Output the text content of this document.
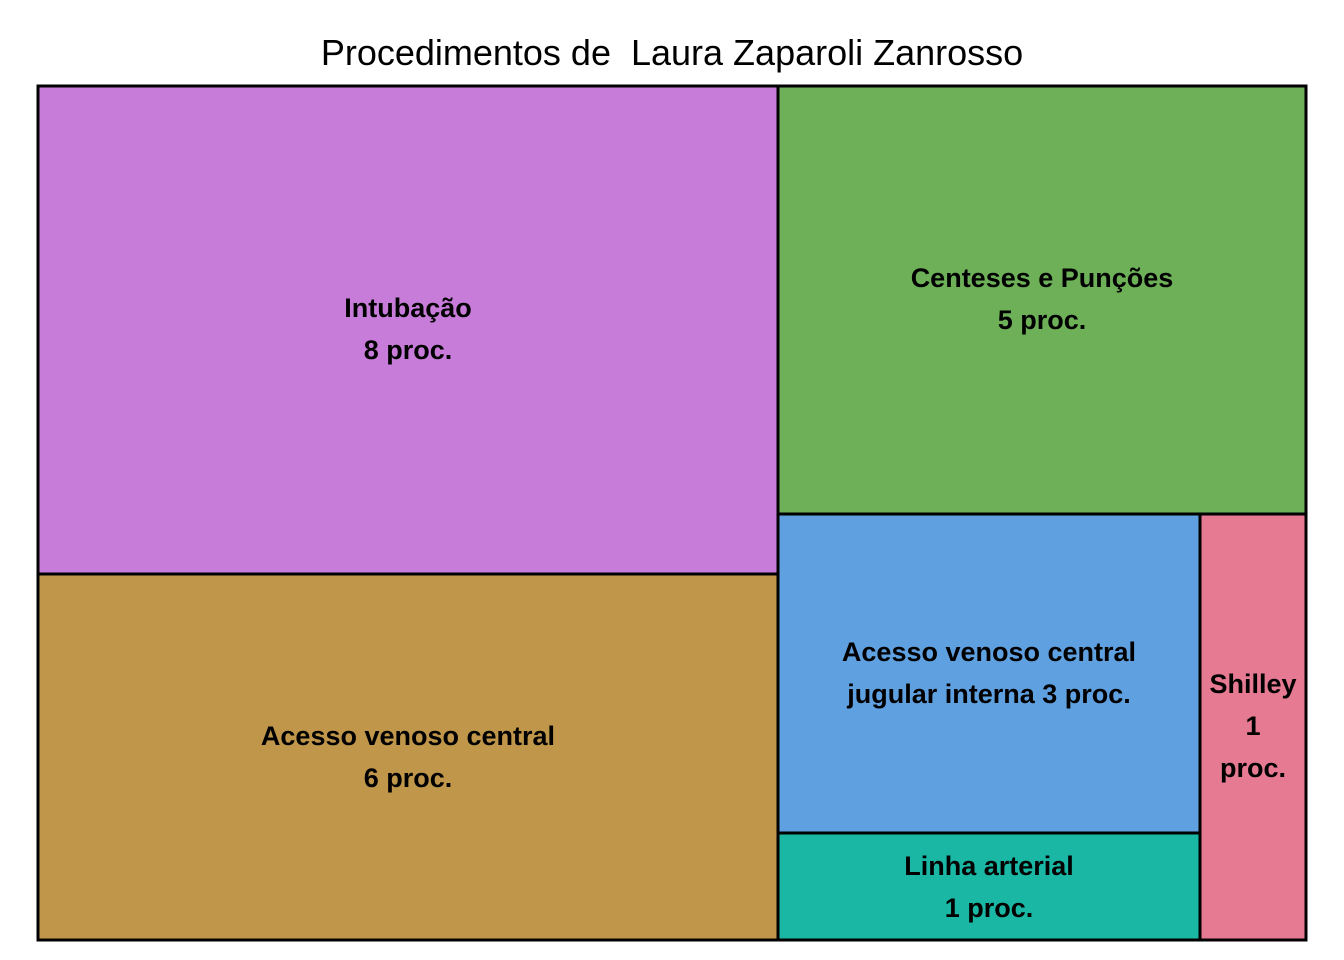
Procedimentos de  Laura Zaparoli Zanrosso
Intubação 8 proc.
Acesso venoso central 6 proc.
Centeses e Punções 5 proc.
Acesso venoso central jugular interna 3 proc.
Linha arterial 1 proc.
Shilley 1 proc.
